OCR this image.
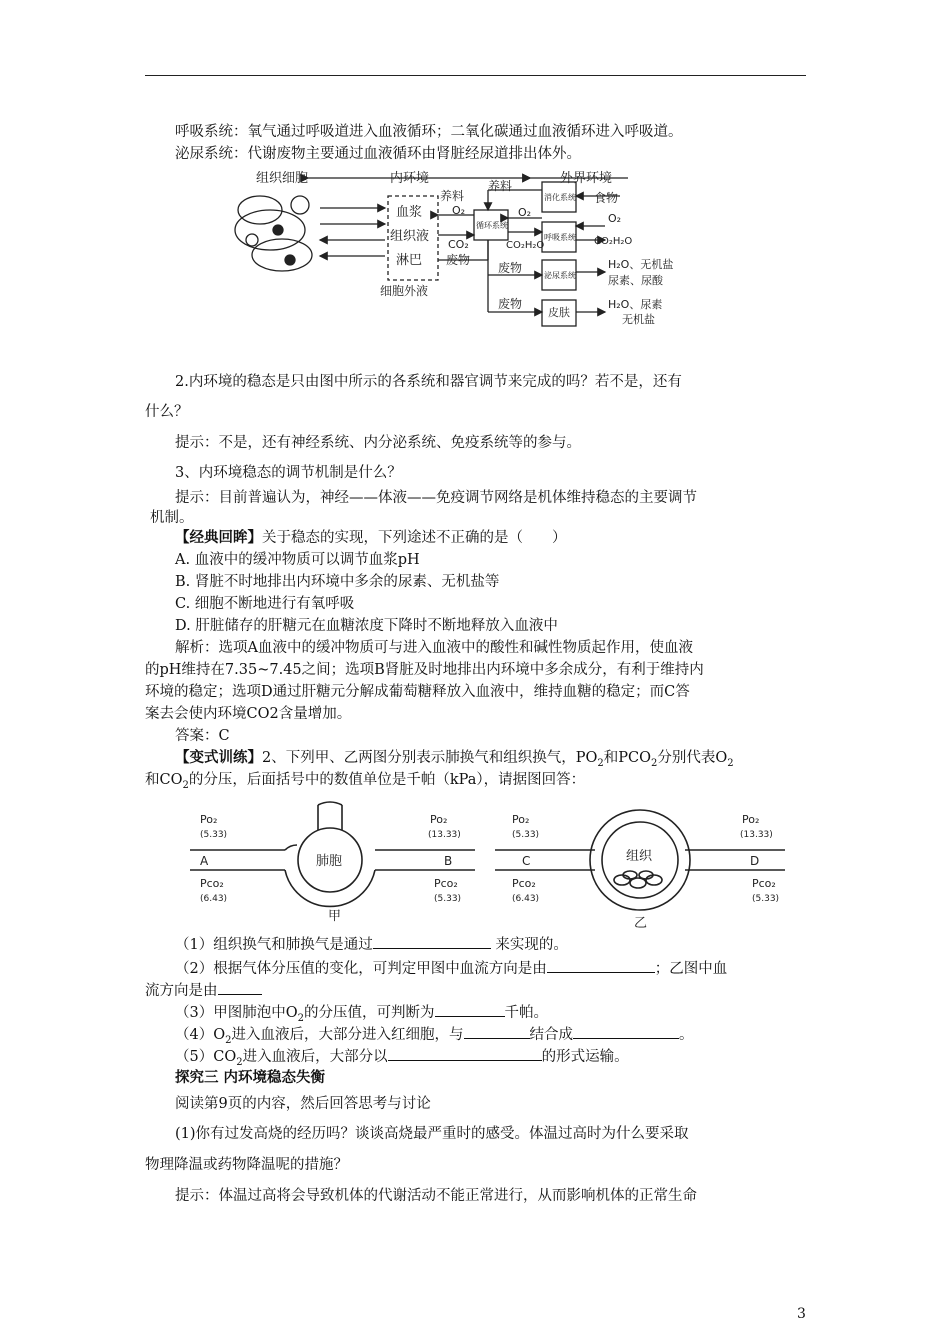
呼吸系统：氧气通过呼吸道进入血液循环；二氧化碳通过血液循环进入呼吸道。
泌尿系统：代谢废物主要通过血液循环由肾脏经尿道排出体外。
组织细胞	内环境	外界环境
养料
养料
血浆
组织液
淋巴
细胞外液
O₂
CO₂
O₂
CO₂H₂O
废物
废物
废物
循环系统
消化系统
呼吸系统
泌尿系统
皮肤
食物
O₂
CO₂H₂O
H₂O、无机盐
尿素、尿酸
H₂O、尿素
无机盐
2.内环境的稳态是只由图中所示的各系统和器官调节来完成的吗？若不是，还有
什么？
提示：不是，还有神经系统、内分泌系统、免疫系统等的参与。
3、内环境稳态的调节机制是什么？
提示：目前普遍认为，神经——体液——免疫调节网络是机体维持稳态的主要调节
机制。
【经典回眸】关于稳态的实现，下列途述不正确的是（　　）
A. 血液中的缓冲物质可以调节血浆pH
B. 肾脏不时地排出内环境中多余的尿素、无机盐等
C. 细胞不断地进行有氧呼吸
D. 肝脏储存的肝糖元在血糖浓度下降时不断地释放入血液中
解析：选项A血液中的缓冲物质可与进入血液中的酸性和碱性物质起作用，使血液
的pH维持在7.35~7.45之间；选项B肾脏及时地排出内环境中多余成分，有利于维持内
环境的稳定；选项D通过肝糖元分解成葡萄糖释放入血液中，维持血糖的稳定；而C答
案去会使内环境CO2含量增加。
答案：C
【变式训练】2、下列甲、乙两图分别表示肺换气和组织换气，$PO_2$和$PCO_2$分别代表$O_2$
和$CO_2$的分压，后面括号中的数值单位是千帕（kPa），请据图回答：
Po₂
(5.33)
Po₂
(13.33)
A	B
Pco₂
(6.43)
Pco₂
(5.33)
肺胞
甲
Po₂
(5.33)
Po₂
(13.33)
C	D
Pco₂
(6.43)
Pco₂
(5.33)
组织
乙
（1）组织换气和肺换气是通过	来实现的。
（2）根据气体分压值的变化，可判定甲图中血流方向是由	；乙图中血
流方向是由
（3）甲图肺泡中$O_2$的分压值，可判断为	千帕。
$(4)O_2$进入血液后，大部分进入红细胞，与	结合成	。
$(5)CO_2$进入血液后，大部分以	的形式运输。
探究三 内环境稳态失衡
阅读第9页的内容，然后回答思考与讨论
(1)你有过发高烧的经历吗？谈谈高烧最严重时的感受。体温过高时为什么要采取
物理降温或药物降温呢的措施？
提示：体温过高将会导致机体的代谢活动不能正常进行，从而影响机体的正常生命
3
